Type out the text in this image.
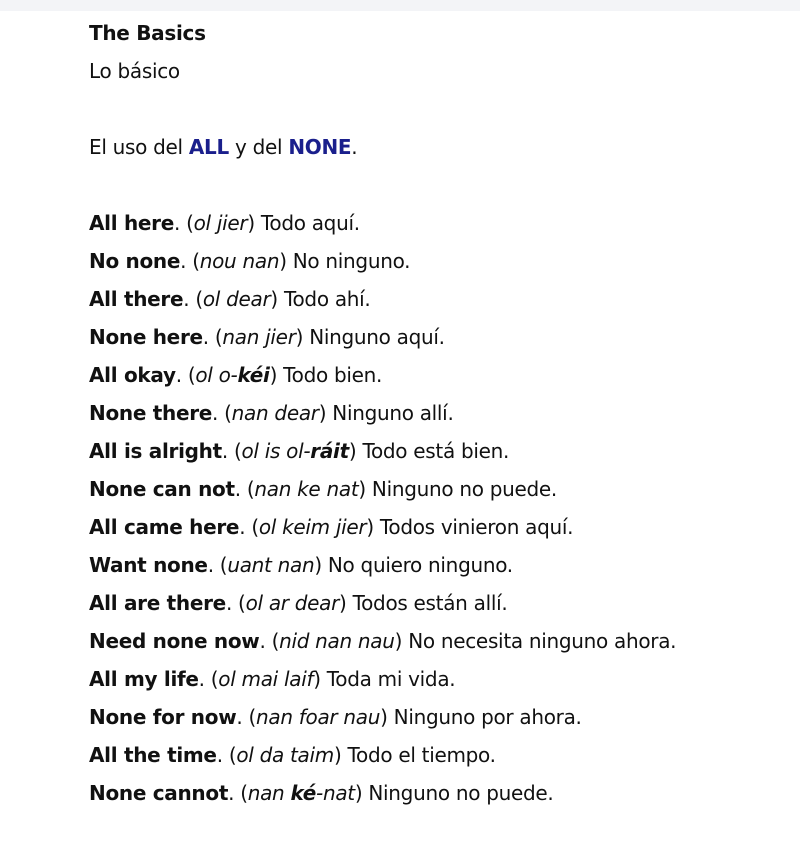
The Basics
Lo básico
El uso del ALL y del NONE.
All here. (ol jier) Todo aquí.
No none. (nou nan) No ninguno.
All there. (ol dear) Todo ahí.
None here. (nan jier) Ninguno aquí.
All okay. (ol o-kéi) Todo bien.
None there. (nan dear) Ninguno allí.
All is alright. (ol is ol-ráit) Todo está bien.
None can not. (nan ke nat) Ninguno no puede.
All came here. (ol keim jier) Todos vinieron aquí.
Want none. (uant nan) No quiero ninguno.
All are there. (ol ar dear) Todos están allí.
Need none now. (nid nan nau) No necesita ninguno ahora.
All my life. (ol mai laif) Toda mi vida.
None for now. (nan foar nau) Ninguno por ahora.
All the time. (ol da taim) Todo el tiempo.
None cannot. (nan ké-nat) Ninguno no puede.
